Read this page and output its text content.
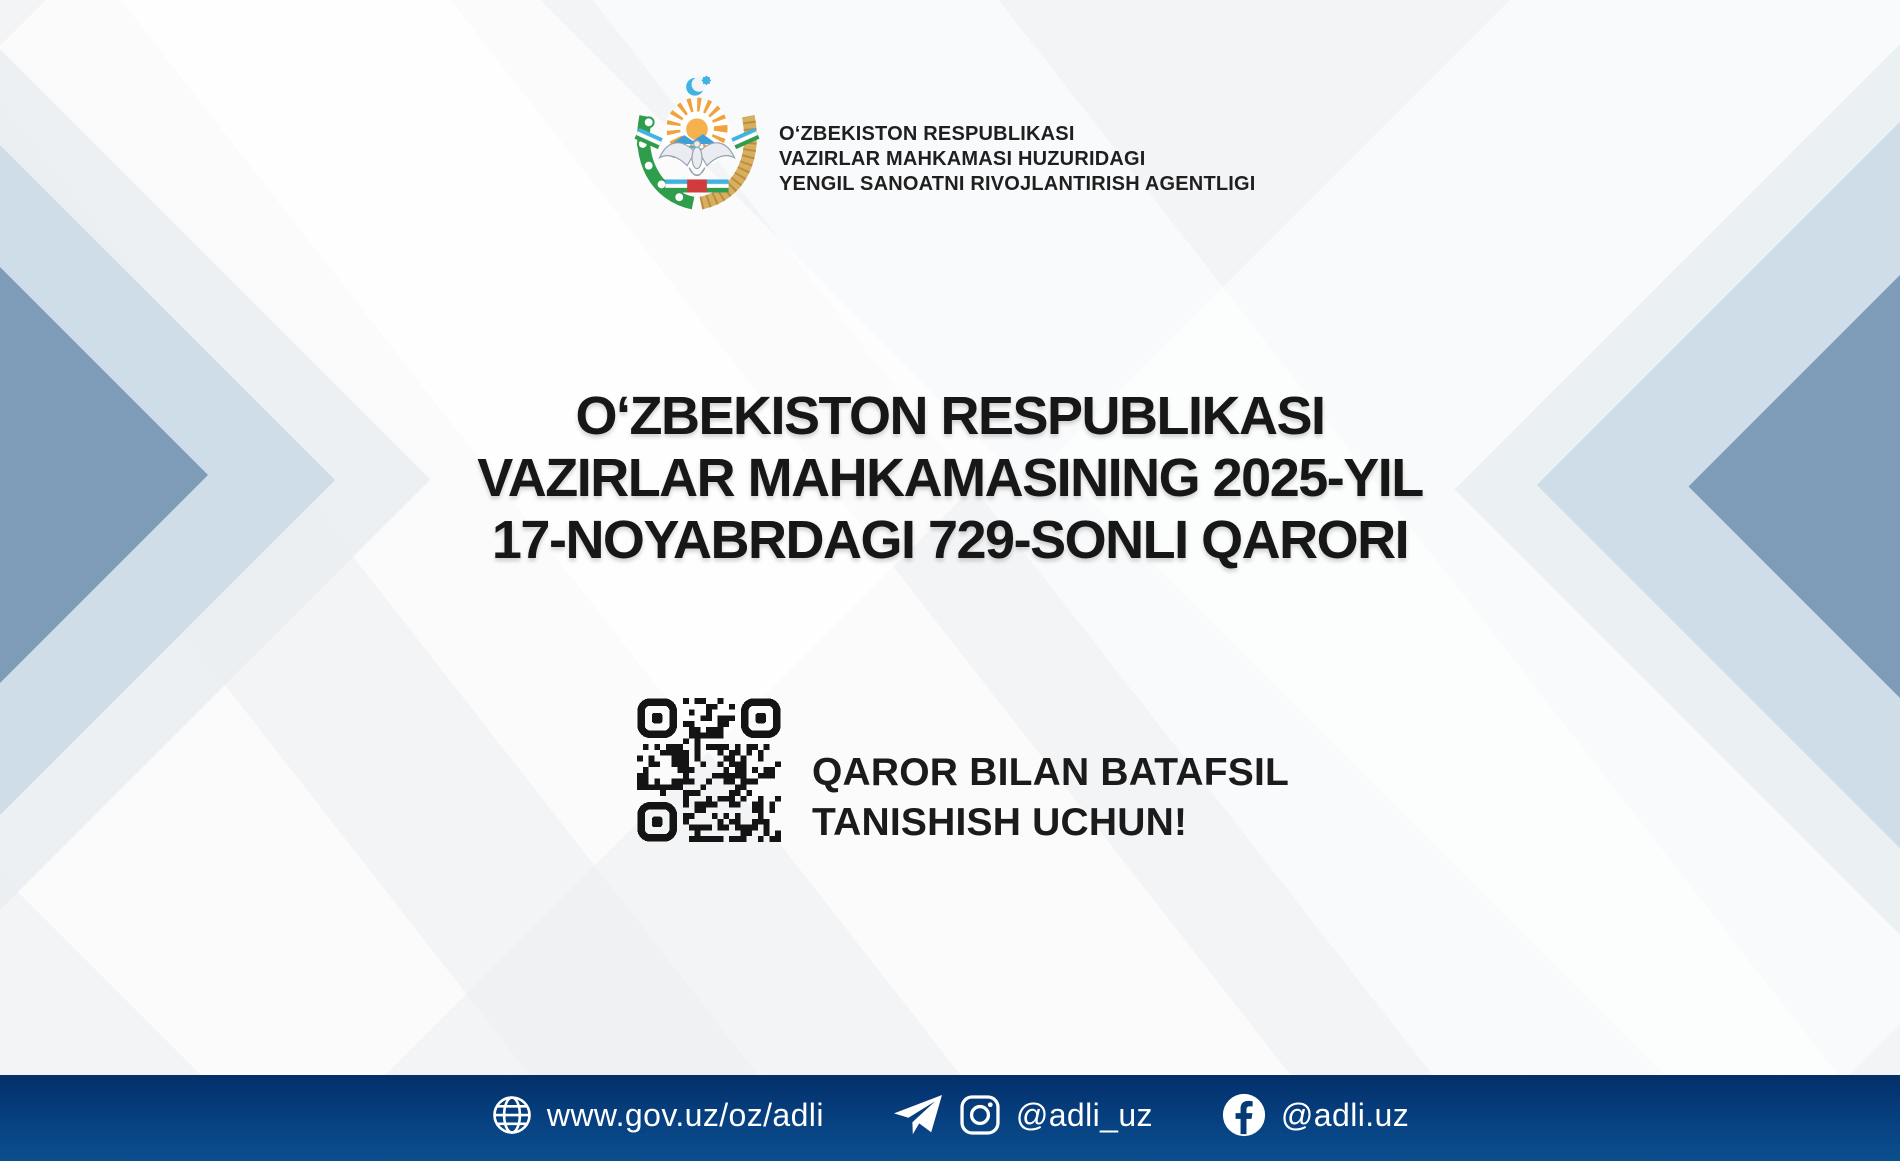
O‘ZBEKISTON RESPUBLIKASI
VAZIRLAR MAHKAMASI HUZURIDAGI
YENGIL SANOATNI RIVOJLANTIRISH AGENTLIGI
O‘ZBEKISTON RESPUBLIKASI
VAZIRLAR MAHKAMASINING 2025-YIL
17-NOYABRDAGI 729-SONLI QARORI
QAROR BILAN BATAFSIL
TANISHISH UCHUN!
www.gov.uz/oz/adli	@adli_uz	@adli.uz
